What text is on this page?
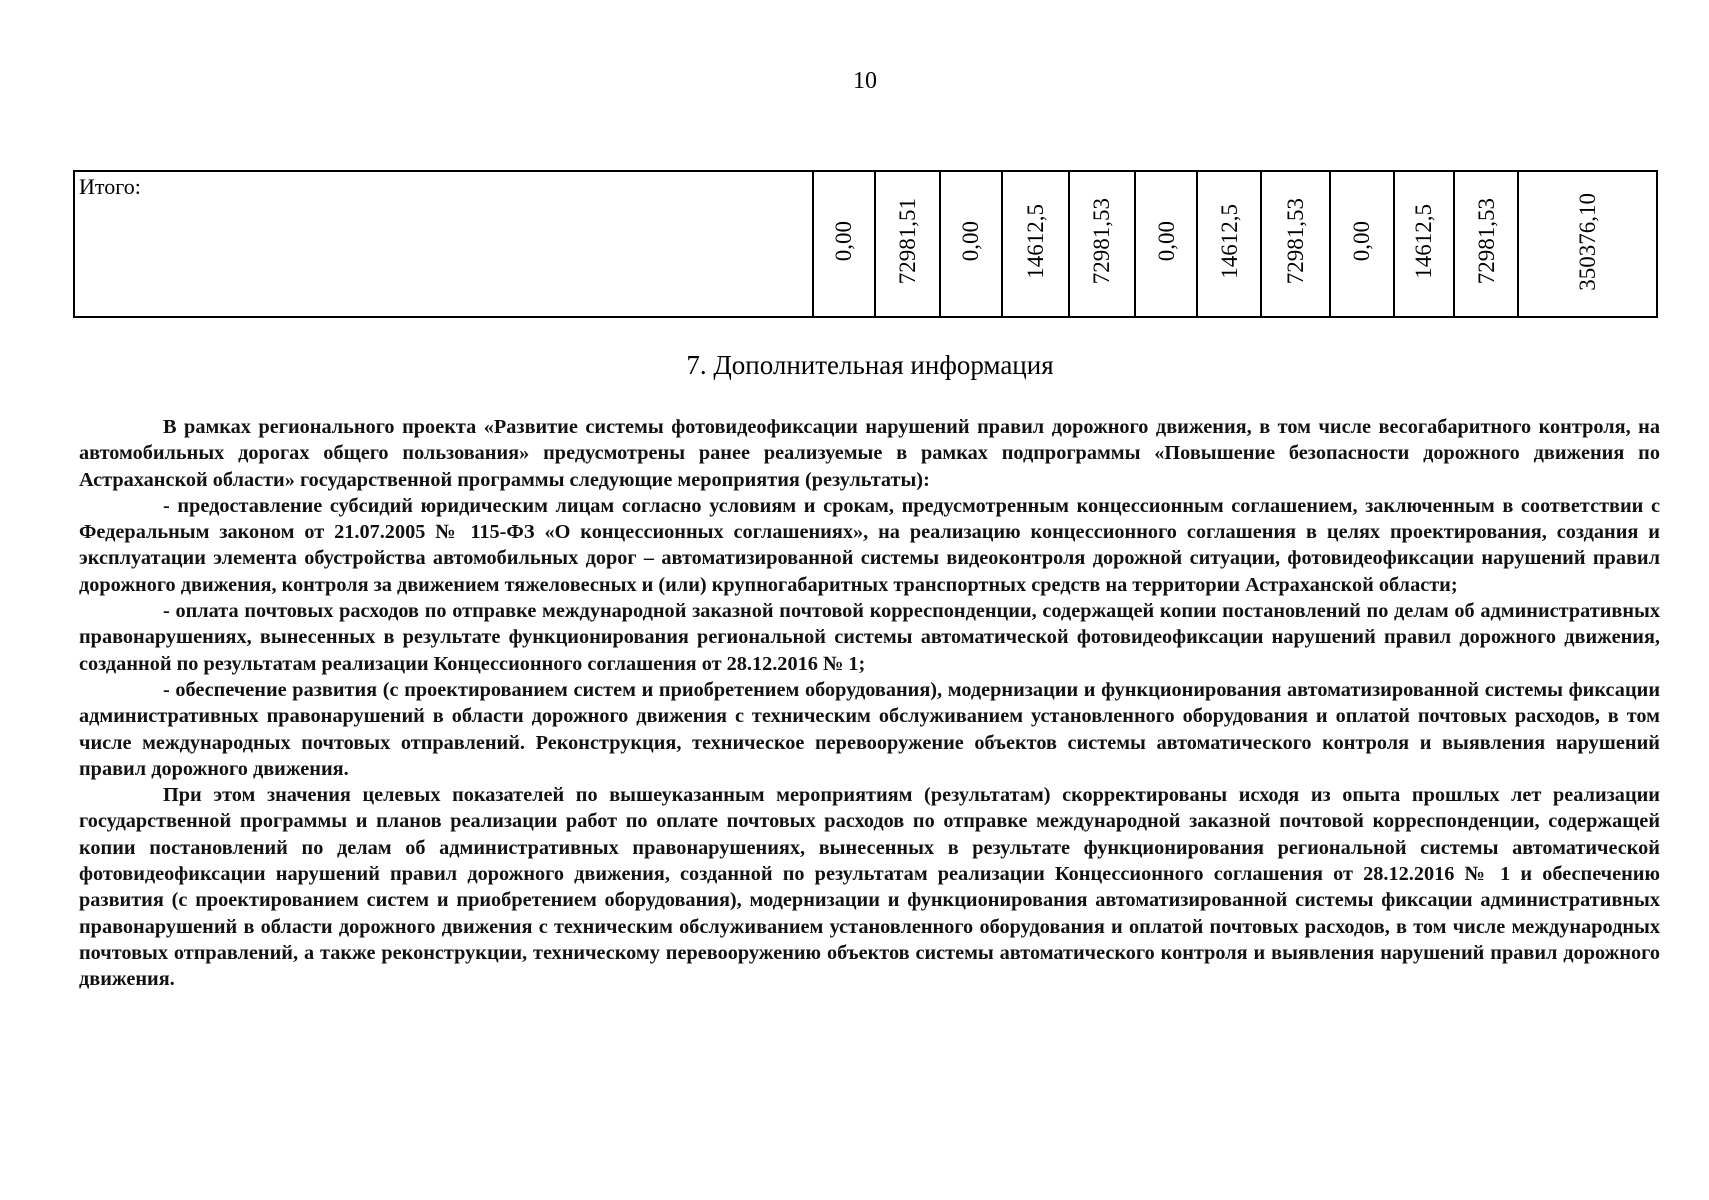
10
Итого:	0,00	72981,51	0,00	14612,5	72981,53	0,00	14612,5	72981,53	0,00	14612,5	72981,53	350376,10
7. Дополнительная информация

В рамках регионального проекта «Развитие системы фотовидеофиксации нарушений правил дорожного движения, в том числе весогабаритного контроля, на автомобильных дорогах общего пользования» предусмотрены ранее реализуемые в рамках подпрограммы «Повышение безопасности дорожного движения по Астраханской области» государственной программы следующие мероприятия (результаты):

- предоставление субсидий юридическим лицам согласно условиям и срокам, предусмотренным концессионным соглашением, заключенным в соответствии с Федеральным законом от 21.07.2005 № 115-ФЗ «О концессионных соглашениях», на реализацию концессионного соглашения в целях проектирования, создания и эксплуатации элемента обустройства автомобильных дорог – автоматизированной системы видеоконтроля дорожной ситуации, фотовидеофиксации нарушений правил дорожного движения, контроля за движением тяжеловесных и (или) крупногабаритных транспортных средств на территории Астраханской области;

- оплата почтовых расходов по отправке международной заказной почтовой корреспонденции, содержащей копии постановлений по делам об административных правонарушениях, вынесенных в результате функционирования региональной системы автоматической фотовидеофиксации нарушений правил дорожного движения, созданной по результатам реализации Концессионного соглашения от 28.12.2016 № 1;

- обеспечение развития (с проектированием систем и приобретением оборудования), модернизации и функционирования автоматизированной системы фиксации административных правонарушений в области дорожного движения с техническим обслуживанием установленного оборудования и оплатой почтовых расходов, в том числе международных почтовых отправлений. Реконструкция, техническое перевооружение объектов системы автоматического контроля и выявления нарушений правил дорожного движения.

При этом значения целевых показателей по вышеуказанным мероприятиям (результатам) скорректированы исходя из опыта прошлых лет реализации государственной программы и планов реализации работ по оплате почтовых расходов по отправке международной заказной почтовой корреспонденции, содержащей копии постановлений по делам об административных правонарушениях, вынесенных в результате функционирования региональной системы автоматической фотовидеофиксации нарушений правил дорожного движения, созданной по результатам реализации Концессионного соглашения от 28.12.2016 № 1 и обеспечению развития (с проектированием систем и приобретением оборудования), модернизации и функционирования автоматизированной системы фиксации административных правонарушений в области дорожного движения с техническим обслуживанием установленного оборудования и оплатой почтовых расходов, в том числе международных почтовых отправлений, а также реконструкции, техническому перевооружению объектов системы автоматического контроля и выявления нарушений правил дорожного движения.
